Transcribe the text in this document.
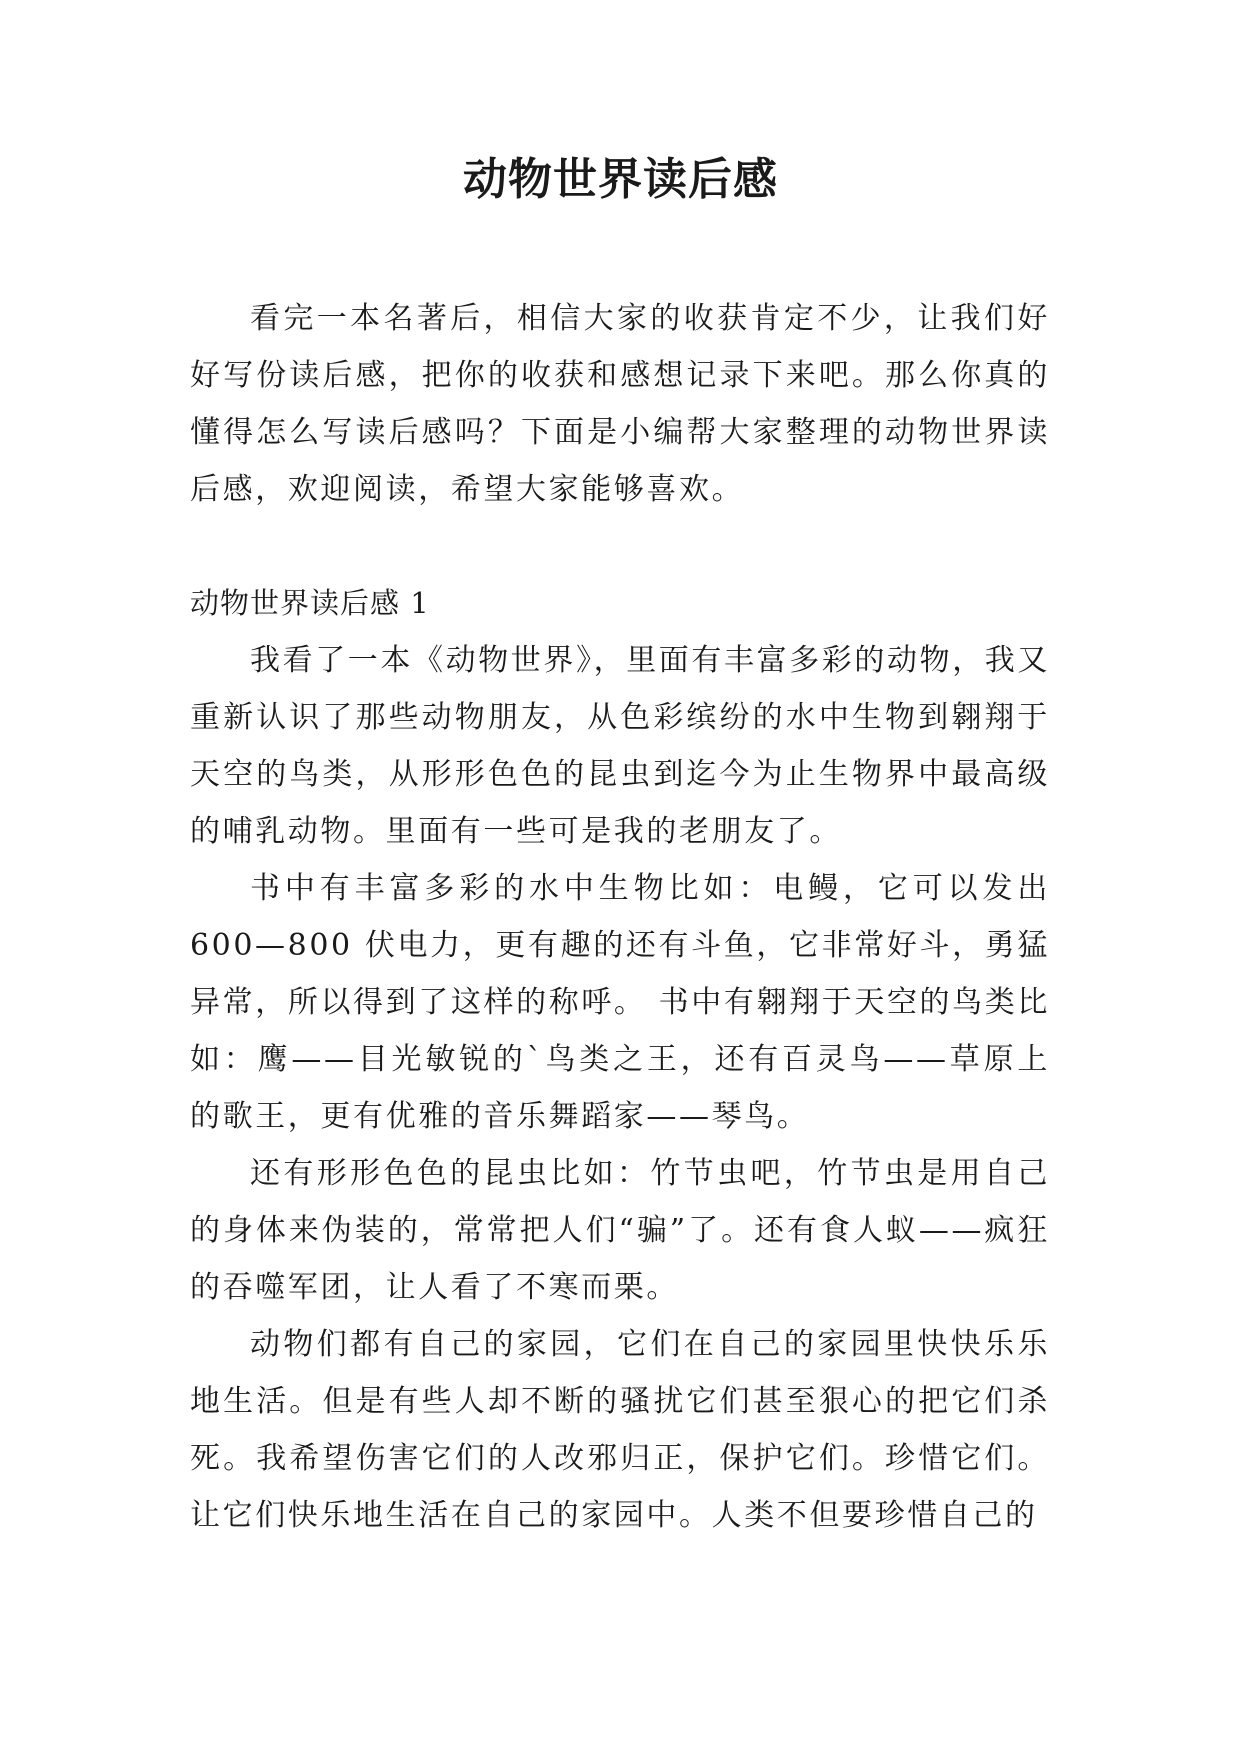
动物世界读后感

看完一本名著后，相信大家的收获肯定不少，让我们好好写份读后感，把你的收获和感想记录下来吧。那么你真的懂得怎么写读后感吗？下面是小编帮大家整理的动物世界读后感，欢迎阅读，希望大家能够喜欢。

动物世界读后感 1

我看了一本《动物世界》，里面有丰富多彩的动物，我又重新认识了那些动物朋友，从色彩缤纷的水中生物到翱翔于天空的鸟类，从形形色色的昆虫到迄今为止生物界中最高级的哺乳动物。里面有一些可是我的老朋友了。

书中有丰富多彩的水中生物比如：电鳗，它可以发出 600—800 伏电力，更有趣的还有斗鱼，它非常好斗，勇猛异常，所以得到了这样的称呼。 书中有翱翔于天空的鸟类比如：鹰——目光敏锐的`鸟类之王，还有百灵鸟——草原上的歌王，更有优雅的音乐舞蹈家——琴鸟。

还有形形色色的昆虫比如：竹节虫吧，竹节虫是用自己的身体来伪装的，常常把人们“骗”了。还有食人蚁——疯狂的吞噬军团，让人看了不寒而栗。

动物们都有自己的家园，它们在自己的家园里快快乐乐地生活。但是有些人却不断的骚扰它们甚至狠心的把它们杀死。我希望伤害它们的人改邪归正，保护它们。珍惜它们。让它们快乐地生活在自己的家园中。人类不但要珍惜自己的
